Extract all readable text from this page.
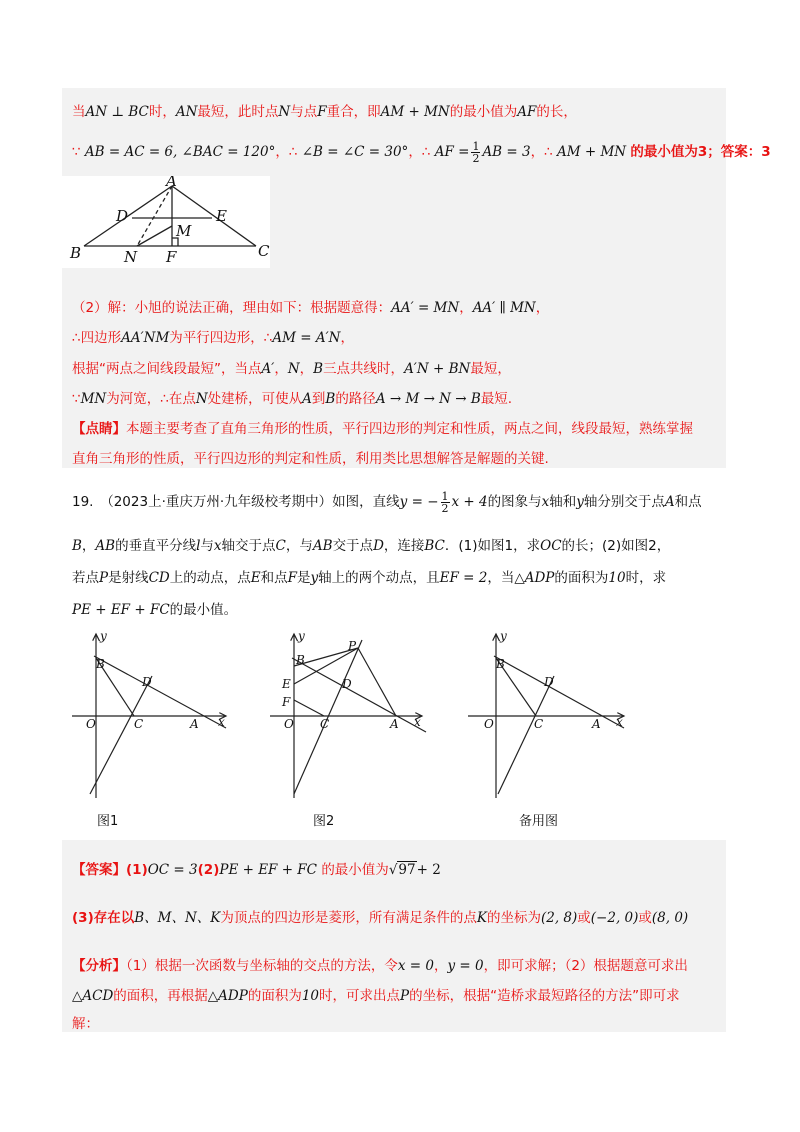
当AN ⊥ BC时，AN最短，此时点N与点F重合，即AM + MN的最小值为AF的长，
∵ AB = AC = 6, ∠BAC = 120°，∴ ∠B = ∠C = 30°，∴ AF = $\frac{1}{2}$ AB = 3，∴ AM + MN 的最小值为3；答案：3
A
D	E
M
B	N F	C
（2）解：小旭的说法正确，理由如下：根据题意得：AA′ = MN，AA′ ∥ MN，
∴四边形AA′NM为平行四边形，∴AM = A′N，
根据“两点之间线段最短”，当点A′，N，B三点共线时，A′N + BN最短，
∵MN为河宽，∴在点N处建桥，可使从A到B的路径A → M → N → B最短.
【点睛】本题主要考查了直角三角形的性质，平行四边形的判定和性质，两点之间，线段最短，熟练掌握
直角三角形的性质，平行四边形的判定和性质，利用类比思想解答是解题的关键.
19.　（2023上·重庆万州·九年级校考期中）如图，直线y = − $\frac{1}{2}$ x + 4的图象与x轴和y轴分别交于点A和点
B，AB的垂直平分线l与x轴交于点C，与AB交于点D，连接BC．(1)如图1，求OC的长；(2)如图2，
若点P是射线CD上的动点，点E和点F是y轴上的两个动点，且EF = 2，当△ADP的面积为10时，求
PE + EF + FC的最小值。
y
B
D
O	C	A x
图1
y
P
B
E	D
F
O C	A x
图2
y
B
D
O	C	A x
备用图
【答案】(1)OC = 3(2)PE + EF + FC 的最小值为√97+ 2
(3)存在以B、M、N、K为顶点的四边形是菱形，所有满足条件的点K的坐标为(2, 8)或(−2, 0)或(8, 0)
【分析】（1）根据一次函数与坐标轴的交点的方法，令x = 0，y = 0，即可求解；（2）根据题意可求出
△ACD的面积，再根据△ADP的面积为10时，可求出点P的坐标，根据“造桥求最短路径的方法”即可求
解：
